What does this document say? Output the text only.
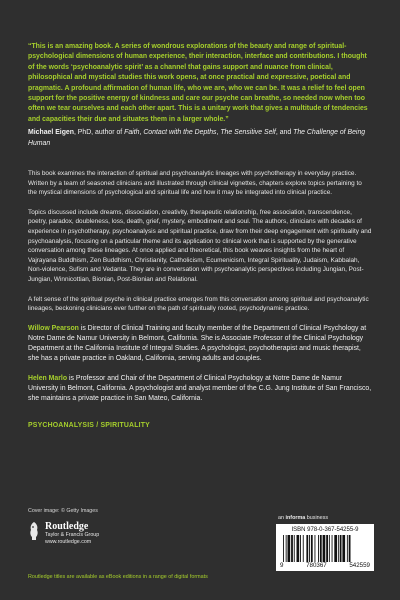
“This is an amazing book. A series of wondrous explorations of the beauty and range of spiritual-psychological dimensions of human experience, their interaction, interface and contributions. I thought of the words ‘psychoanalytic spirit’ as a channel that gains support and nuance from clinical, philosophical and mystical studies this work opens, at once practical and expressive, poetical and pragmatic. A profound affirmation of human life, who we are, who we can be. It was a relief to feel open support for the positive energy of kindness and care our psyche can breathe, so needed now when too often we tear ourselves and each other apart. This is a unitary work that gives a multitude of tendencies and capacities their due and situates them in a larger whole.”

Michael Eigen, PhD, author of Faith, Contact with the Depths, The Sensitive Self, and The Challenge of Being Human

This book examines the interaction of spiritual and psychoanalytic lineages with psychotherapy in everyday practice. Written by a team of seasoned clinicians and illustrated through clinical vignettes, chapters explore topics pertaining to the mystical dimensions of psychological and spiritual life and how it may be integrated into clinical practice.

Topics discussed include dreams, dissociation, creativity, therapeutic relationship, free association, transcendence, poetry, paradox, doubleness, loss, death, grief, mystery, embodiment and soul. The authors, clinicians with decades of experience in psychotherapy, psychoanalysis and spiritual practice, draw from their deep engagement with spirituality and psychoanalysis, focusing on a particular theme and its application to clinical work that is supported by the generative conversation among these lineages. At once applied and theoretical, this book weaves insights from the heart of Vajrayana Buddhism, Zen Buddhism, Christianity, Catholicism, Ecumenicism, Integral Spirituality, Judaism, Kabbalah, Non-violence, Sufism and Vedanta. They are in conversation with psychoanalytic perspectives including Jungian, Post-Jungian, Winnicottian, Bionian, Post-Bionian and Relational.

A felt sense of the spiritual psyche in clinical practice emerges from this conversation among spiritual and psychoanalytic lineages, beckoning clinicians ever further on the path of spiritually rooted, psychodynamic practice.

Willow Pearson is Director of Clinical Training and faculty member of the Department of Clinical Psychology at Notre Dame de Namur University in Belmont, California. She is Associate Professor of the Clinical Psychology Department at the California Institute of Integral Studies. A psychologist, psychotherapist and music therapist, she has a private practice in Oakland, California, serving adults and couples.

Helen Marlo is Professor and Chair of the Department of Clinical Psychology at Notre Dame de Namur University in Belmont, California. A psychologist and analyst member of the C.G. Jung Institute of San Francisco, she maintains a private practice in San Mateo, California.

PSYCHOANALYSIS / SPIRITUALITY
Cover image: © Getty Images
Routledge
Taylor & Francis Group
www.routledge.com
an informa business
ISBN 978-0-367-54255-9
9	780367	542559
Routledge titles are available as eBook editions in a range of digital formats
